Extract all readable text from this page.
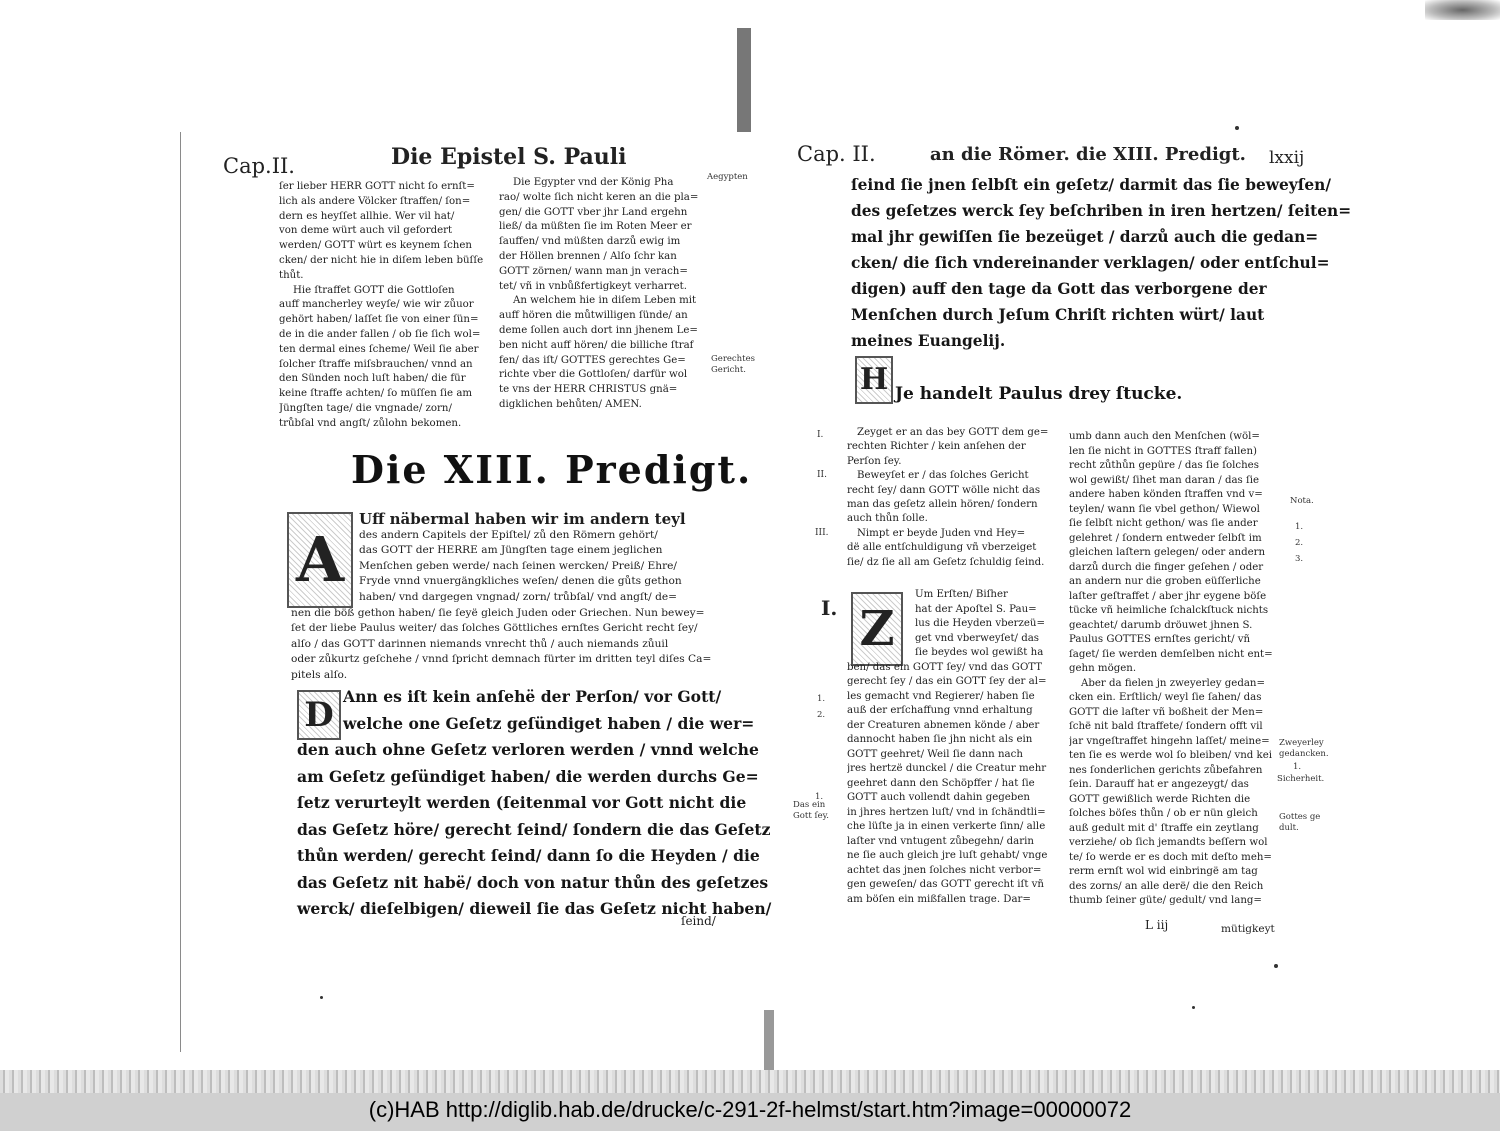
Cap.II.	Die Epistel S. Pauli

ſer lieber HERR GOTT nicht ſo ernſt=

lich als andere Völcker ſtraffen/ ſon=

dern es heyſſet allhie. Wer vil hat/

von deme würt auch vil gefordert

werden/ GOTT würt es keynem ſchen

cken/ der nicht hie in diſem leben büſſe

thůt.

Hie ſtraffet GOTT die Gottloſen

auff mancherley weyſe/ wie wir zůuor

gehört haben/ laſſet ſie von einer ſün=

de in die ander fallen / ob ſie ſich wol=

ten dermal eines ſcheme/ Weil ſie aber

ſolcher ſtraffe miſsbrauchen/ vnnd an

den Sünden noch luſt haben/ die für

keine ſtraffe achten/ ſo müſſen ſie am

Jüngſten tage/ die vngnade/ zorn/

trůbſal vnd angſt/ zůlohn bekomen.

Die Egypter vnd der König Pha

rao/ wolte ſich nicht keren an die pla=

gen/ die GOTT vber jhr Land ergehn

ließ/ da müßten ſie im Roten Meer er

ſauffen/ vnd müßten darzů ewig im

der Höllen brennen / Alſo ſchr kan

GOTT zörnen/ wann man jn verach=

tet/ vñ in vnbůßfertigkeyt verharret.

An welchem hie in diſem Leben mit

auff hören die můtwilligen ſünde/ an

deme ſollen auch dort inn jhenem Le=

ben nicht auff hören/ die billiche ſtraf

fen/ das iſt/ GOTTES gerechtes Ge=

richte vber die Gottloſen/ darfür wol

te vns der HERR CHRISTUS gnä=

digklichen behůten/ AMEN.

Aegypten
Gerechtes Gericht.
Die XIII. Predigt.
A

Uff näbermal haben wir im andern teyl

des andern Capitels der Epiſtel/ zů den Römern gehört/

das GOTT der HERRE am Jüngſten tage einem jeglichen

Menſchen geben werde/ nach ſeinen wercken/ Preiß/ Ehre/

Fryde vnnd vnuergängkliches weſen/ denen die gůts gethon

haben/ vnd dargegen vngnad/ zorn/ trůbſal/ vnd angſt/ de=

nen die böß gethon haben/ ſie ſeyë gleich Juden oder Griechen. Nun bewey=

ſet der liebe Paulus weiter/ das ſolches Göttliches ernſtes Gericht recht ſey/

alſo / das GOTT darinnen niemands vnrecht thů / auch niemands zůuil

oder zůkurtz geſchehe / vnnd ſpricht demnach fürter im dritten teyl diſes Ca=

pitels alſo.

D Ann es iſt kein anſehë der Perſon/ vor Gott/

welche one Geſetz geſündiget haben / die wer=

den auch ohne Geſetz verloren werden / vnnd welche

am Geſetz geſündiget haben/ die werden durchs Ge=

ſetz verurteylt werden (ſeitenmal vor Gott nicht die

das Geſetz höre/ gerecht ſeind/ ſondern die das Geſetz

thůn werden/ gerecht ſeind/ dann ſo die Heyden / die

das Geſetz nit habë/ doch von natur thůn des geſetzes

werck/ dieſelbigen/ dieweil ſie das Geſetz nicht haben/

ſeind/

Cap. II.	an die Römer. die XIII. Predigt. lxxij

ſeind ſie jnen ſelbſt ein geſetz/ darmit das ſie beweyſen/

des geſetzes werck ſey beſchriben in iren hertzen/ ſeiten=

mal jhr gewiſſen ſie bezeüget / darzů auch die gedan=

cken/ die ſich vndereinander verklagen/ oder entſchul=

digen) auff den tage da Gott das verborgene der

Menſchen durch Jeſum Chriſt richten würt/ laut

meines Euangelij.

H Je handelt Paulus drey ſtucke.
I.
II.
III.

Zeyget er an das bey GOTT dem ge=

rechten Richter / kein anſehen der

Perſon ſey.

Beweyſet er / das ſolches Gericht

recht ſey/ dann GOTT wölle nicht das

man das geſetz allein hören/ ſondern

auch thůn ſolle.

Nimpt er beyde Juden vnd Hey=

dë alle entſchuldigung vñ vberzeiget

ſie/ dz ſie all am Geſetz ſchuldig ſeind.

I. Z

Um Erſten/ Biſher

hat der Apoſtel S. Pau=

lus die Heyden vberzeü=

get vnd vberweyſet/ das

ſie beydes wol gewißt ha

ben/ das ein GOTT ſey/ vnd das GOTT

gerecht ſey / das ein GOTT ſey der al=

les gemacht vnd Regierer/ haben ſie

auß der erſchaffung vnnd erhaltung

der Creaturen abnemen könde / aber

dannocht haben ſie jhn nicht als ein

GOTT geehret/ Weil ſie dann nach

jres hertzë dunckel / die Creatur mehr

geehret dann den Schöpffer / hat ſie

GOTT auch vollendt dahin gegeben

in jhres hertzen luſt/ vnd in ſchändtli=

che lüſte ja in einen verkerte ſinn/ alle

laſter vnd vntugent zůbegehn/ darin

ne ſie auch gleich jre luſt gehabt/ vnge

achtet das jnen ſolches nicht verbor=

gen geweſen/ das GOTT gerecht iſt vñ

am böſen ein mißfallen trage. Dar=

umb dann auch den Menſchen (wöl=

len ſie nicht in GOTTES ſtraff fallen)

recht zůthůn gepüre / das ſie ſolches

wol gewißt/ ſihet man daran / das ſie

andere haben könden ſtraffen vnd v=

teylen/ wann ſie vbel gethon/ Wiewol

ſie ſelbſt nicht gethon/ was ſie ander

gelehret / ſondern entweder ſelbſt im

gleichen laſtern gelegen/ oder andern

darzů durch die finger geſehen / oder

an andern nur die groben eüſſerliche

laſter geſtraffet / aber jhr eygene böſe

tücke vñ heimliche ſchalckſtuck nichts

geachtet/ darumb dröuwet jhnen S.

Paulus GOTTES ernſtes gericht/ vñ

ſaget/ ſie werden demſelben nicht ent=

gehn mögen.

Aber da fielen jn zweyerley gedan=

cken ein. Erſtlich/ weyl ſie ſahen/ das

GOTT die laſter vñ boßheit der Men=

ſchë nit bald ſtraffete/ ſondern offt vil

jar vngeſtraffet hingehn laſſet/ meine=

ten ſie es werde wol ſo bleiben/ vnd kei

nes ſonderlichen gerichts zůbefahren

ſein. Darauff hat er angezeygt/ das

GOTT gewißlich werde Richten die

ſolches böſes thůn / ob er nün gleich

auß gedult mit d' ſtraffe ein zeytlang

verziehe/ ob ſich jemandts beſſern wol

te/ ſo werde er es doch mit deſto meh=

rerm ernſt wol wid einbringë am tag

des zorns/ an alle derë/ die den Reich

thumb ſeiner güte/ gedult/ vnd lang=

L iij	mütigkeyt

Nota.
1.
2.
3.
Zweyerley gedancken.
1.
Sicherheit.
Gottes ge dult.
1.
2.
1.
Das ein Gott ſey.
(c)HAB http://diglib.hab.de/drucke/c-291-2f-helmst/start.htm?image=00000072
